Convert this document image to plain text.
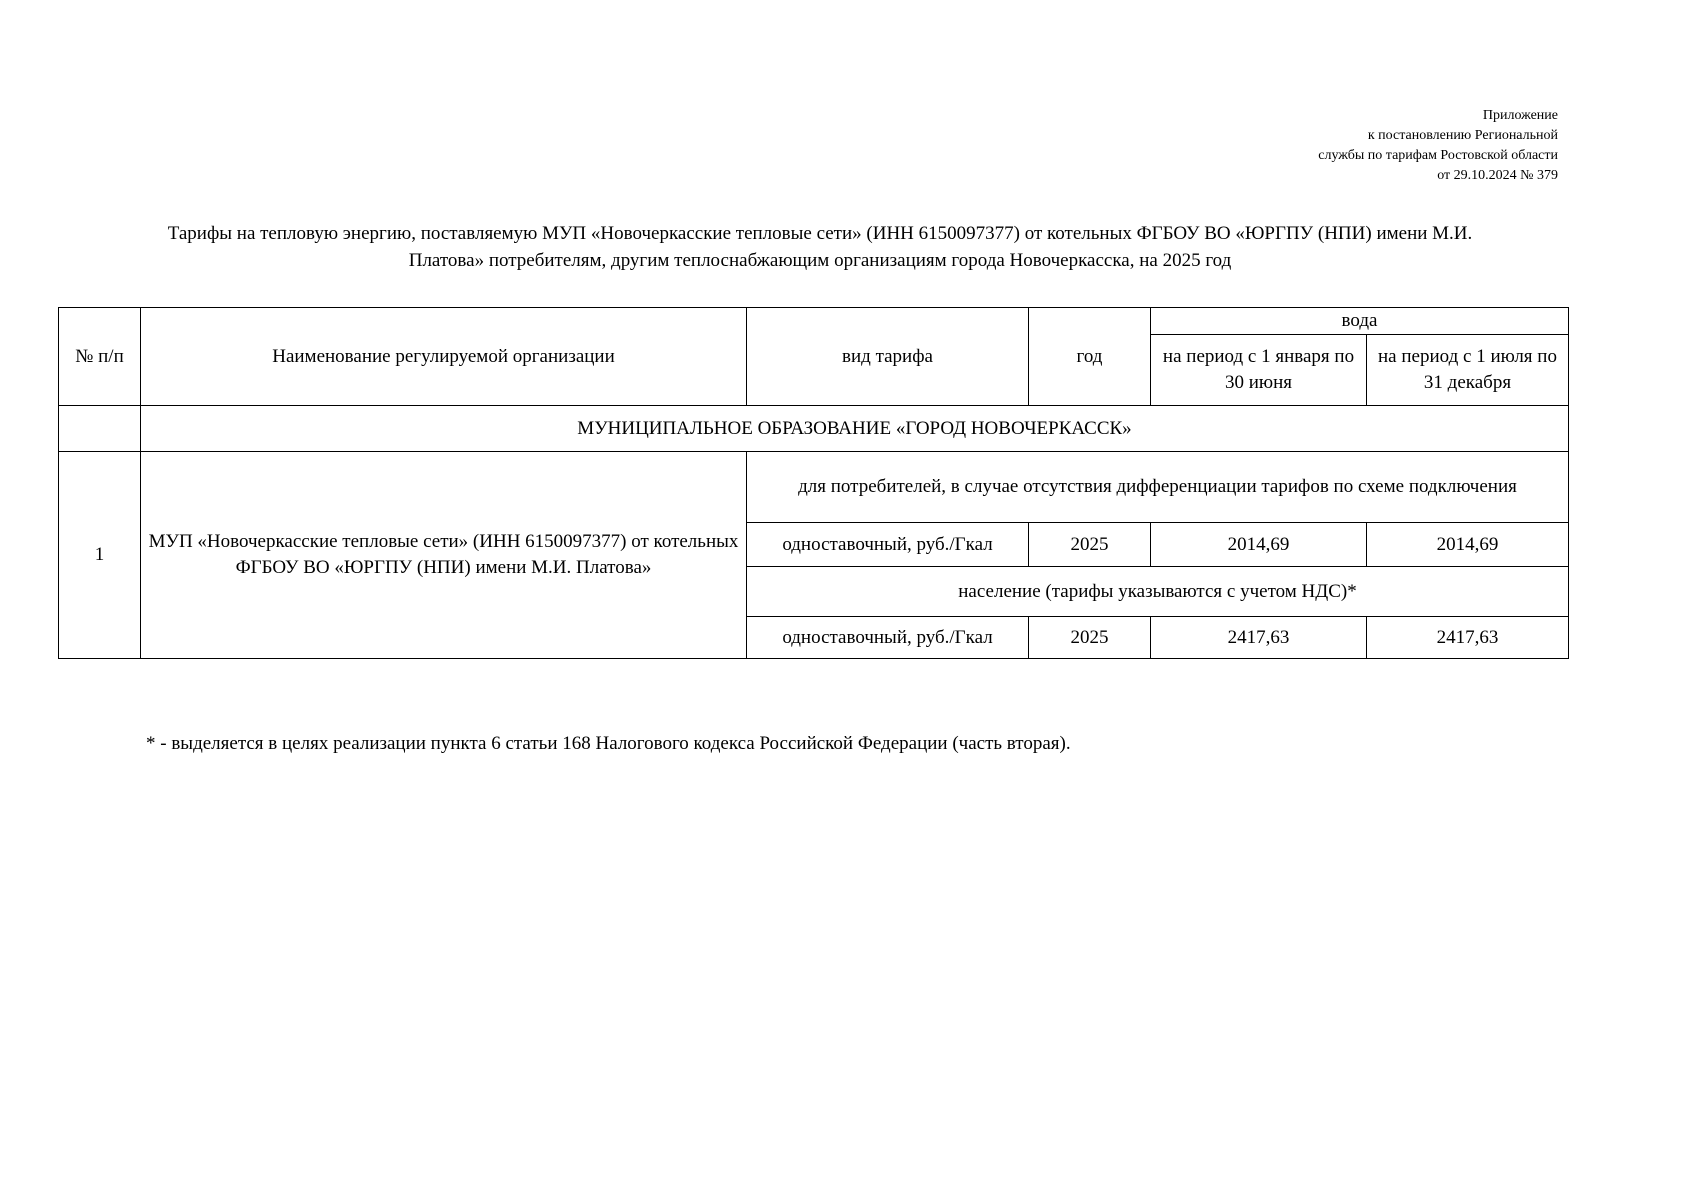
Приложение
к постановлению Региональной
службы по тарифам Ростовской области
от 29.10.2024 № 379
Тарифы на тепловую энергию, поставляемую МУП «Новочеркасские тепловые сети» (ИНН 6150097377) от котельных ФГБОУ ВО «ЮРГПУ (НПИ) имени М.И.
Платова» потребителям, другим теплоснабжающим организациям города Новочеркасска, на 2025 год
№ п/п	Наименование регулируемой организации	вид тарифа	год	вода	
				на период с 1 января по 30 июня	на период с 1 июля по 31 декабря
	МУНИЦИПАЛЬНОЕ ОБРАЗОВАНИЕ «ГОРОД НОВОЧЕРКАССК»				
1	МУП «Новочеркасские тепловые сети» (ИНН 6150097377) от котельных ФГБОУ ВО «ЮРГПУ (НПИ) имени М.И. Платова»	для потребителей, в случае отсутствия дифференциации тарифов по схеме подключения			
		одноставочный, руб./Гкал	2025	2014,69	2014,69
		население (тарифы указываются с учетом НДС)*			
		одноставочный, руб./Гкал	2025	2417,63	2417,63
* - выделяется в целях реализации пункта 6 статьи 168 Налогового кодекса Российской Федерации (часть вторая).
